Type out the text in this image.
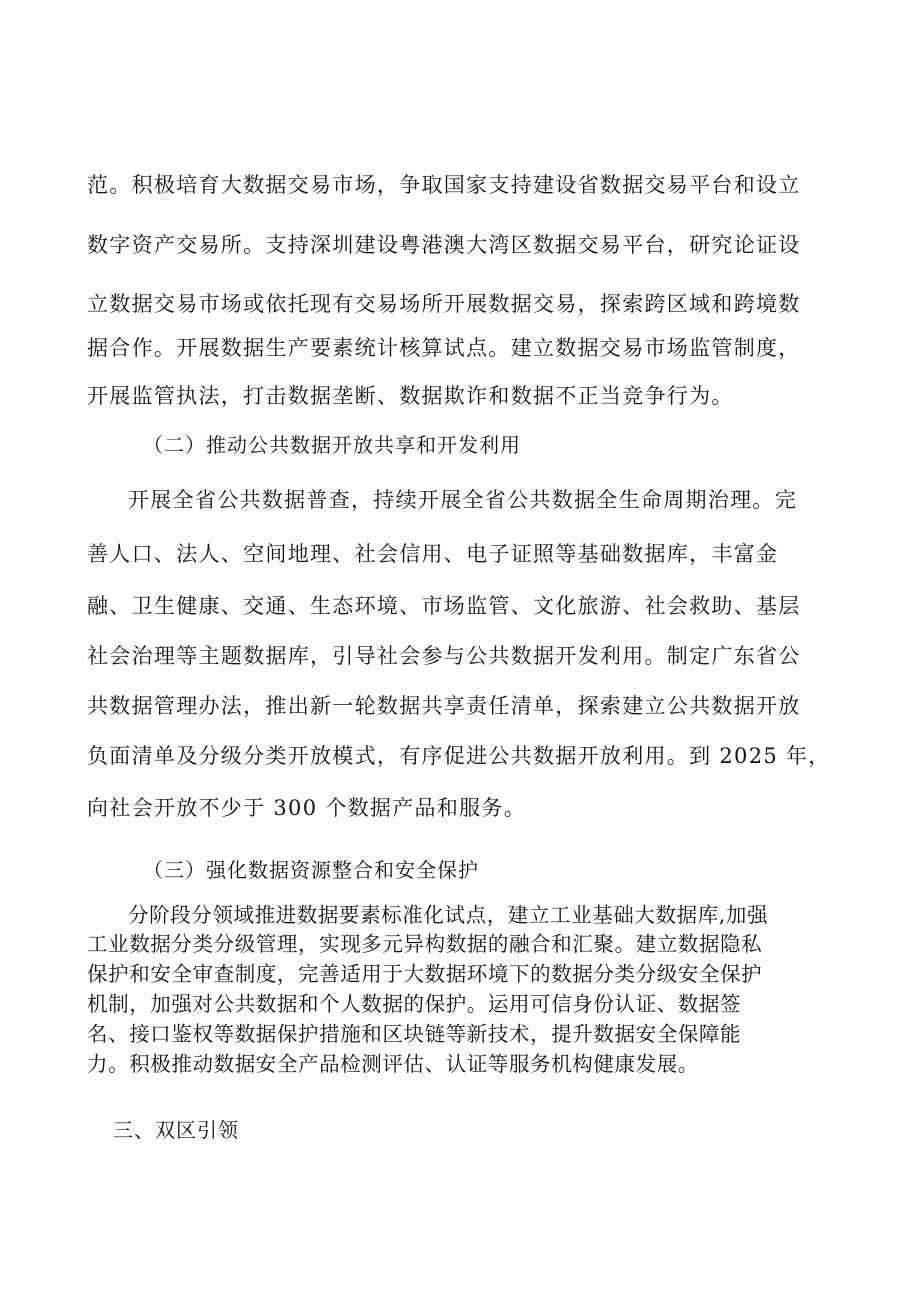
范。积极培育大数据交易市场，争取国家支持建设省数据交易平台和设立
数字资产交易所。支持深圳建设粤港澳大湾区数据交易平台，研究论证设
立数据交易市场或依托现有交易场所开展数据交易，探索跨区域和跨境数
据合作。开展数据生产要素统计核算试点。建立数据交易市场监管制度，
开展监管执法，打击数据垄断、数据欺诈和数据不正当竞争行为。
（二）推动公共数据开放共享和开发利用
开展全省公共数据普查，持续开展全省公共数据全生命周期治理。完
善人口、法人、空间地理、社会信用、电子证照等基础数据库，丰富金
融、卫生健康、交通、生态环境、市场监管、文化旅游、社会救助、基层
社会治理等主题数据库，引导社会参与公共数据开发利用。制定广东省公
共数据管理办法，推出新一轮数据共享责任清单，探索建立公共数据开放
负面清单及分级分类开放模式，有序促进公共数据开放利用。到 2025 年，
向社会开放不少于 300 个数据产品和服务。
（三）强化数据资源整合和安全保护
分阶段分领域推进数据要素标准化试点，建立工业基础大数据库,加强
工业数据分类分级管理，实现多元异构数据的融合和汇聚。建立数据隐私
保护和安全审查制度，完善适用于大数据环境下的数据分类分级安全保护
机制，加强对公共数据和个人数据的保护。运用可信身份认证、数据签
名、接口鉴权等数据保护措施和区块链等新技术，提升数据安全保障能
力。积极推动数据安全产品检测评估、认证等服务机构健康发展。
三、双区引领
